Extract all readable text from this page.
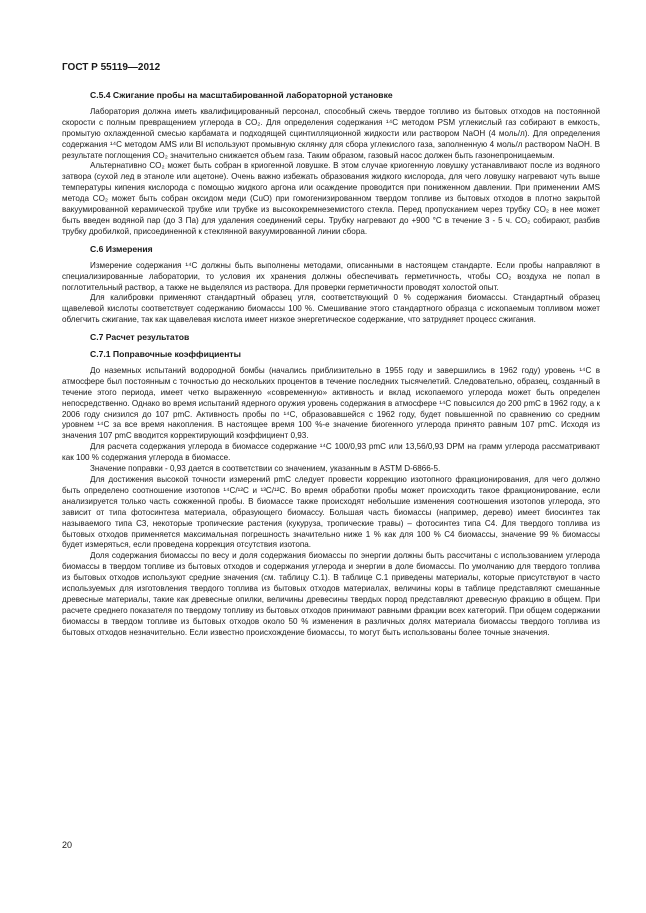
ГОСТ Р 55119—2012
С.5.4 Сжигание пробы на масштабированной лабораторной установке

Лаборатория должна иметь квалифицированный персонал, способный сжечь твердое топливо из бытовых отходов на постоянной скорости с полным превращением углерода в CO₂. Для определения содержания ¹⁴С методом PSM углекислый газ собирают в емкость, промытую охлажденной смесью карбамата и подходящей сцинтилляционной жидкости или раствором NaOH (4 моль/л). Для определения содержания ¹⁴С методом AMS или BI используют промывную склянку для сбора углекислого газа, заполненную 4 моль/л раствором NaOH. В результате поглощения CO₂ значительно снижается объем газа. Таким образом, газовый насос должен быть газонепроницаемым.

Альтернативно CO₂ может быть собран в криогенной ловушке. В этом случае криогенную ловушку устанавливают после из водяного затвора (сухой лед в этаноле или ацетоне). Очень важно избежать образования жидкого кислорода, для чего ловушку нагревают чуть выше температуры кипения кислорода с помощью жидкого аргона или осаждение проводится при пониженном давлении. При применении AMS метода CO₂ может быть собран оксидом меди (CuO) при гомогенизированном твердом топливе из бытовых отходов в плотно закрытой вакуумированной керамической трубке или трубке из высококремнеземистого стекла. Перед пропусканием через трубку CO₂ в нее может быть введен водяной пар (до 3 Па) для удаления соединений серы. Трубку нагревают до +900 °С в течение 3 - 5 ч. CO₂ собирают, разбив трубку дробилкой, присоединенной к стеклянной вакуумированной линии сбора.

С.6 Измерения

Измерение содержания ¹⁴С должны быть выполнены методами, описанными в настоящем стандарте. Если пробы направляют в специализированные лаборатории, то условия их хранения должны обеспечивать герметичность, чтобы CO₂ воздуха не попал в поглотительный раствор, а также не выделялся из раствора. Для проверки герметичности проводят холостой опыт.

Для калибровки применяют стандартный образец угля, соответствующий 0 % содержания биомассы. Стандартный образец щавелевой кислоты соответствует содержанию биомассы 100 %. Смешивание этого стандартного образца с ископаемым топливом может облегчить сжигание, так как щавелевая кислота имеет низкое энергетическое содержание, что затрудняет процесс сжигания.

С.7 Расчет результатов
С.7.1 Поправочные коэффициенты

До наземных испытаний водородной бомбы (начались приблизительно в 1955 году и завершились в 1962 году) уровень ¹⁴С в атмосфере был постоянным с точностью до нескольких процентов в течение последних тысячелетий. Следовательно, образец, созданный в течение этого периода, имеет четко выраженную «современную» активность и вклад ископаемого углерода может быть определен непосредственно. Однако во время испытаний ядерного оружия уровень содержания в атмосфере ¹⁴С повысился до 200 pmC в 1962 году, а к 2006 году снизился до 107 pmC. Активность пробы по ¹⁴С, образовавшейся с 1962 году, будет повышенной по сравнению со средним уровнем ¹⁴С за все время накопления. В настоящее время 100 %-е значение биогенного углерода принято равным 107 pmC. Исходя из значения 107 pmC вводится корректирующий коэффициент 0,93.

Для расчета содержания углерода в биомассе содержание ¹⁴С 100/0,93 pmC или 13,56/0,93 DPM на грамм углерода рассматривают как 100 % содержания углерода в биомассе.

Значение поправки - 0,93 дается в соответствии со значением, указанным в ASTM D-6866-5.

Для достижения высокой точности измерений pmC следует провести коррекцию изотопного фракционирования, для чего должно быть определено соотношение изотопов ¹⁴С/¹²С и ¹³С/¹²С. Во время обработки пробы может происходить такое фракционирование, если анализируется только часть сожженной пробы. В биомассе также происходят небольшие изменения соотношения изотопов углерода, это зависит от типа фотосинтеза материала, образующего биомассу. Большая часть биомассы (например, дерево) имеет биосинтез так называемого типа С3, некоторые тропические растения (кукуруза, тропические травы) – фотосинтез типа С4. Для твердого топлива из бытовых отходов применяется максимальная погрешность значительно ниже 1 % как для 100 % С4 биомассы, значение 99 % биомассы будет измеряться, если проведена коррекция отсутствия изотопа.

Доля содержания биомассы по весу и доля содержания биомассы по энергии должны быть рассчитаны с использованием углерода биомассы в твердом топливе из бытовых отходов и содержания углерода и энергии в доле биомассы. По умолчанию для твердого топлива из бытовых отходов используют средние значения (см. таблицу С.1). В таблице С.1 приведены материалы, которые присутствуют в часто используемых для изготовления твердого топлива из бытовых отходов материалах, величины коры в таблице представляют смешанные древесные материалы, такие как древесные опилки, величины древесины твердых пород представляют древесную фракцию в общем. При расчете среднего показателя по твердому топливу из бытовых отходов принимают равными фракции всех категорий. При общем содержании биомассы в твердом топливе из бытовых отходов около 50 % изменения в различных долях материала биомассы твердого топлива из бытовых отходов незначительно. Если известно происхождение биомассы, то могут быть использованы более точные значения.

20
